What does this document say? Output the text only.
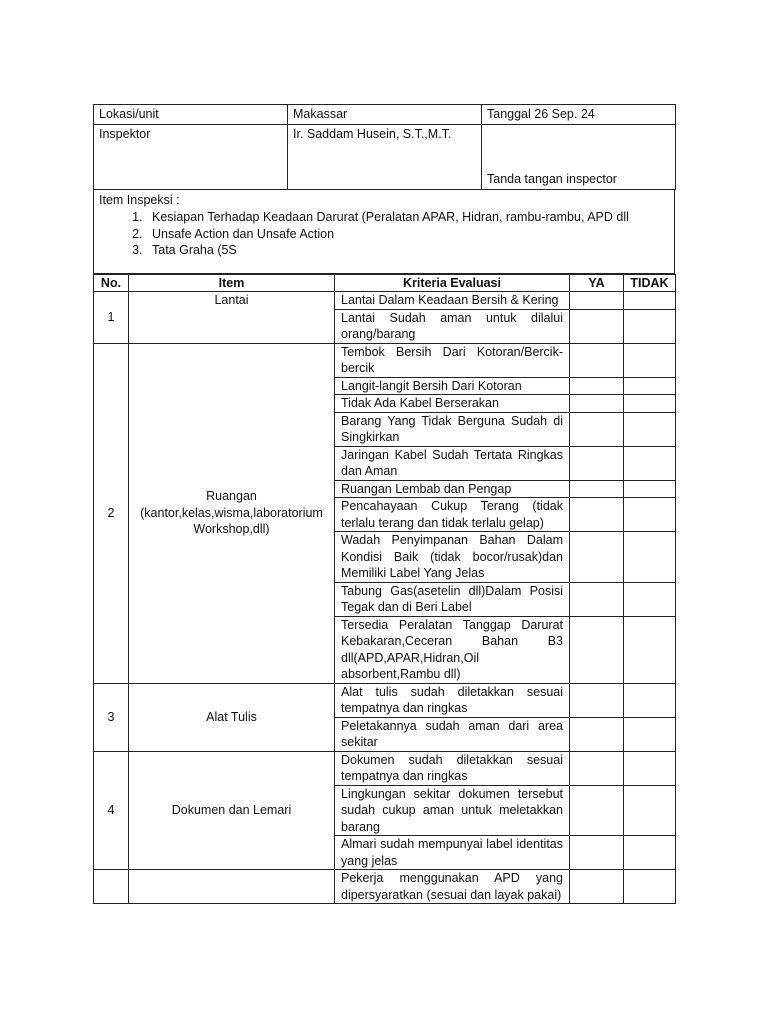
Lokasi/unit	Makassar	Tanggal 26 Sep. 24
Inspektor	Ir. Saddam Husein, S.T.,M.T.	Tanda tangan inspector
Item Inspeksi :
1. Kesiapan Terhadap Keadaan Darurat (Peralatan APAR, Hidran, rambu-rambu, APD dll
2. Unsafe Action dan Unsafe Action
3. Tata Graha (5S
No.	Item	Kriteria Evaluasi	YA	TIDAK
1	Lantai	Lantai Dalam Keadaan Bersih & Kering		
		Lantai Sudah aman untuk dilalui orang/barang		
2	Ruangan (kantor,kelas,wisma,laboratorium Workshop,dll)	Tembok Bersih Dari Kotoran/Bercik-bercik		
		Langit-langit Bersih Dari Kotoran		
		Tidak Ada Kabel Berserakan		
		Barang Yang Tidak Berguna Sudah di Singkirkan		
		Jaringan Kabel Sudah Tertata Ringkas dan Aman		
		Ruangan Lembab dan Pengap		
		Pencahayaan Cukup Terang (tidak terlalu terang dan tidak terlalu gelap)		
		Wadah Penyimpanan Bahan Dalam Kondisi Baik (tidak bocor/rusak)dan Memiliki Label Yang Jelas		
		Tabung Gas(asetelin dll)Dalam Posisi Tegak dan di Beri Label		
		Tersedia Peralatan Tanggap Darurat Kebakaran,Ceceran Bahan B3 dll(APD,APAR,Hidran,Oil absorbent,Rambu dll)		
3	Alat Tulis	Alat tulis sudah diletakkan sesuai tempatnya dan ringkas		
		Peletakannya sudah aman dari area sekitar		
4	Dokumen dan Lemari	Dokumen sudah diletakkan sesuai tempatnya dan ringkas		
		Lingkungan sekitar dokumen tersebut sudah cukup aman untuk meletakkan barang		
		Almari sudah mempunyai label identitas yang jelas		
		Pekerja menggunakan APD yang dipersyaratkan (sesuai dan layak pakai)		
